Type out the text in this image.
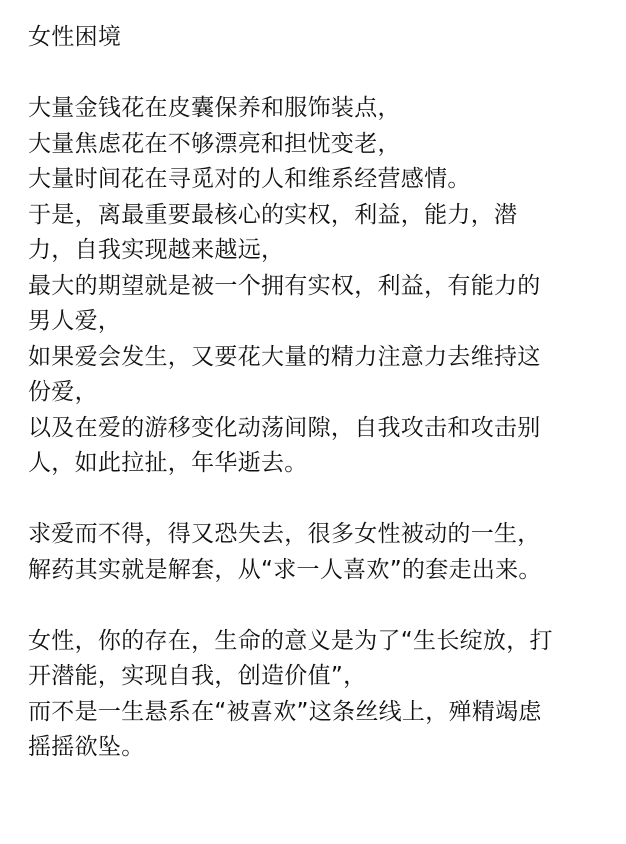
女性困境
大量金钱花在皮囊保养和服饰装点，
大量焦虑花在不够漂亮和担忧变老，
大量时间花在寻觅对的人和维系经营感情。
于是，离最重要最核心的实权，利益，能力，潜
力，自我实现越来越远，
最大的期望就是被一个拥有实权，利益，有能力的
男人爱，
如果爱会发生，又要花大量的精力注意力去维持这
份爱，
以及在爱的游移变化动荡间隙，自我攻击和攻击别
人，如此拉扯，年华逝去。
求爱而不得，得又恐失去，很多女性被动的一生，
解药其实就是解套，从“求一人喜欢”的套走出来。
女性，你的存在，生命的意义是为了“生长绽放，打
开潜能，实现自我，创造价值”，
而不是一生悬系在“被喜欢”这条丝线上，殚精竭虑
摇摇欲坠。
